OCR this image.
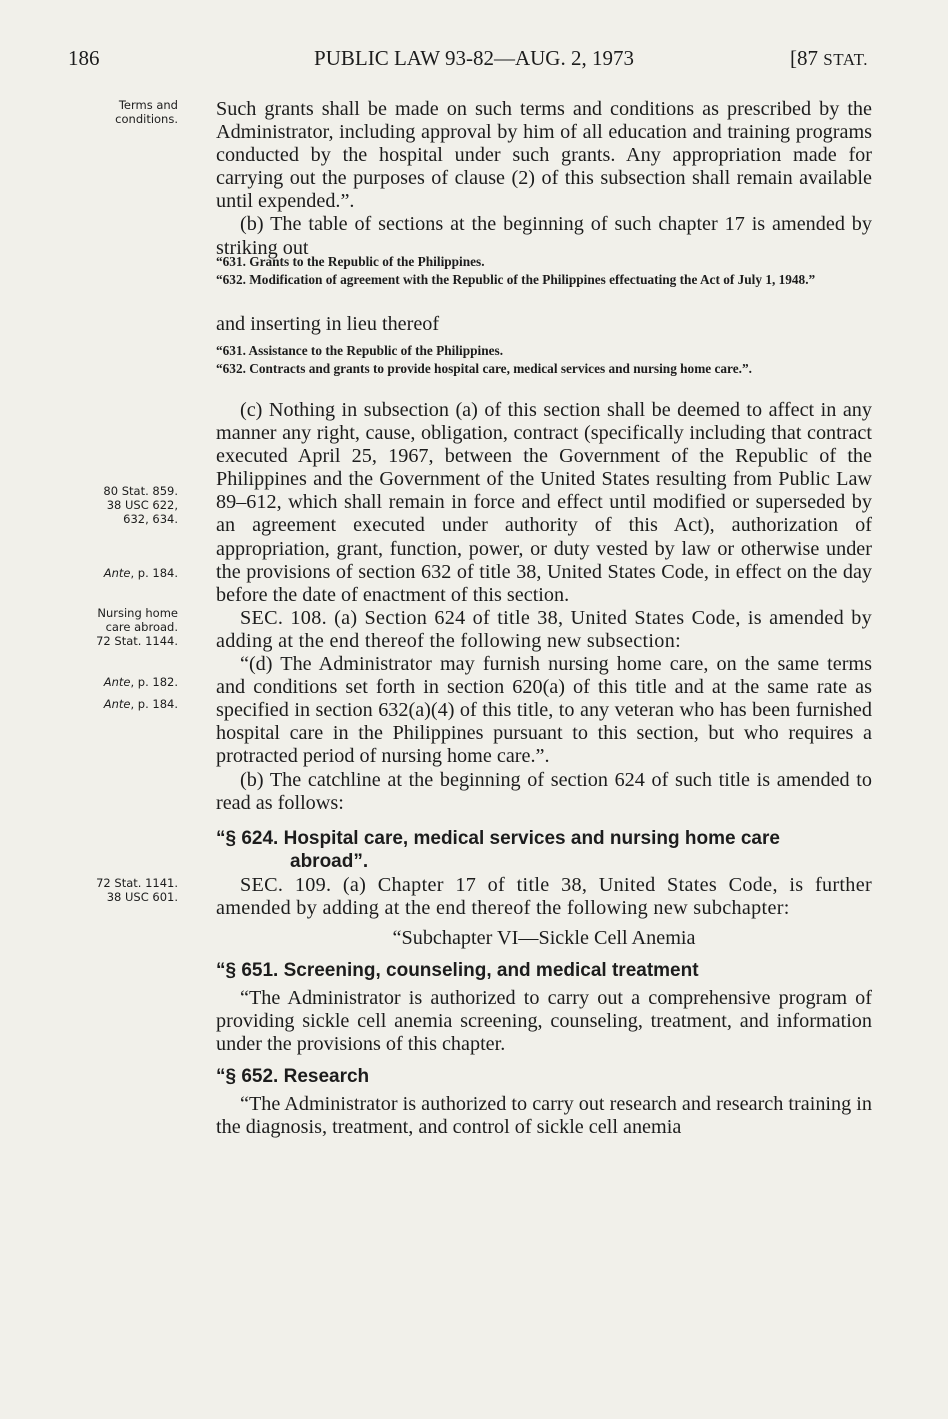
186	PUBLIC LAW 93-82—AUG. 2, 1973	[87 STAT.
Terms and
conditions.
80 Stat. 859.
38 USC 622,
632, 634.
Ante, p. 184.
Nursing home
care abroad.
72 Stat. 1144.
Ante, p. 182.
Ante, p. 184.
72 Stat. 1141.
38 USC 601.

Such grants shall be made on such terms and conditions as prescribed by the Administrator, including approval by him of all education and training programs conducted by the hospital under such grants. Any appropriation made for carrying out the purposes of clause (2) of this subsection shall remain available until expended.”.

(b) The table of sections at the beginning of such chapter 17 is amended by striking out

“631. Grants to the Republic of the Philippines.

“632. Modification of agreement with the Republic of the Philippines effectuating the Act of July 1, 1948.”

and inserting in lieu thereof

“631. Assistance to the Republic of the Philippines.

“632. Contracts and grants to provide hospital care, medical services and nursing home care.”.

(c) Nothing in subsection (a) of this section shall be deemed to affect in any manner any right, cause, obligation, contract (specifically including that contract executed April 25, 1967, between the Government of the Republic of the Philippines and the Government of the United States resulting from Public Law 89–612, which shall remain in force and effect until modified or superseded by an agreement executed under authority of this Act), authorization of appropriation, grant, function, power, or duty vested by law or otherwise under the provisions of section 632 of title 38, United States Code, in effect on the day before the date of enactment of this section.

SEC. 108. (a) Section 624 of title 38, United States Code, is amended by adding at the end thereof the following new subsection:

“(d) The Administrator may furnish nursing home care, on the same terms and conditions set forth in section 620(a) of this title and at the same rate as specified in section 632(a)(4) of this title, to any veteran who has been furnished hospital care in the Philippines pursuant to this section, but who requires a protracted period of nursing home care.”.

(b) The catchline at the beginning of section 624 of such title is amended to read as follows:

“§ 624. Hospital care, medical services and nursing home care

abroad”.

SEC. 109. (a) Chapter 17 of title 38, United States Code, is further amended by adding at the end thereof the following new subchapter:

“Subchapter VI—Sickle Cell Anemia

“§ 651. Screening, counseling, and medical treatment

“The Administrator is authorized to carry out a comprehensive program of providing sickle cell anemia screening, counseling, treatment, and information under the provisions of this chapter.

“§ 652. Research

“The Administrator is authorized to carry out research and research training in the diagnosis, treatment, and control of sickle cell anemia
